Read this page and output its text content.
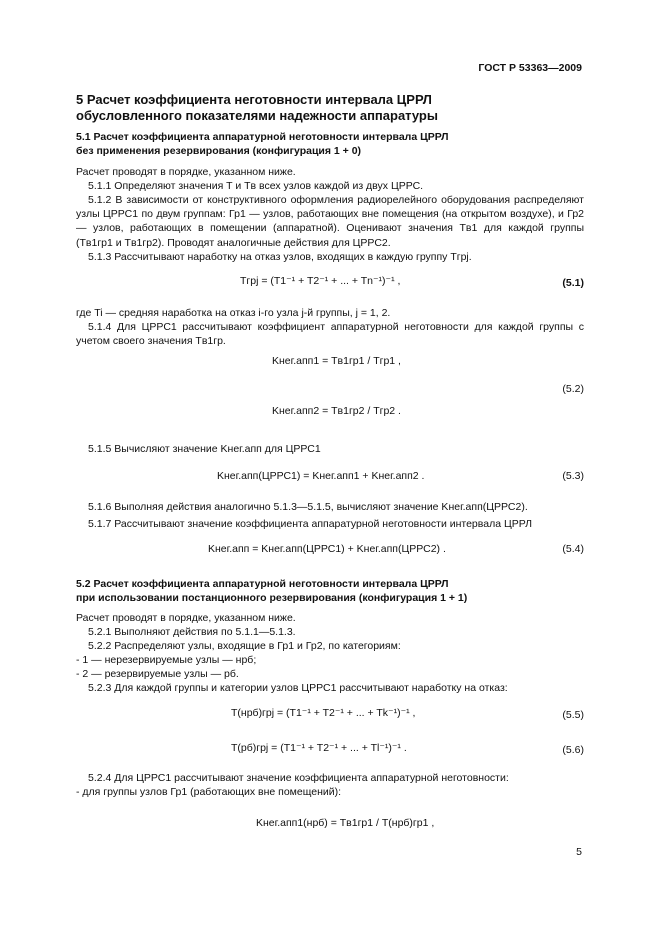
ГОСТ Р 53363—2009
5 Расчет коэффициента неготовности интервала ЦРРЛ
обусловленного показателями надежности аппаратуры
5.1 Расчет коэффициента аппаратурной неготовности интервала ЦРРЛ
без применения резервирования (конфигурация 1 + 0)
Расчет проводят в порядке, указанном ниже.
5.1.1 Определяют значения T и Tв всех узлов каждой из двух ЦРРС.
5.1.2 В зависимости от конструктивного оформления радиорелейного оборудования распределяют узлы ЦРРС1 по двум группам: Гр1 — узлов, работающих вне помещения (на открытом воздухе), и Гр2 — узлов, работающих в помещении (аппаратной). Оценивают значения Tв1 для каждой группы (Tв1гр1 и Tв1гр2). Проводят аналогичные действия для ЦРРС2.
5.1.3 Рассчитывают наработку на отказ узлов, входящих в каждую группу Tгрj.
Tгрj = (T1⁻¹ + T2⁻¹ + ... + Tn⁻¹)⁻¹ ,	(5.1)
где Ti — средняя наработка на отказ i-го узла j-й группы, j = 1, 2.
5.1.4 Для ЦРРС1 рассчитывают коэффициент аппаратурной неготовности для каждой группы с учетом своего значения Tв1гр.
Kнег.апп1 = Tв1гр1 / Tгр1 ,
Kнег.апп2 = Tв1гр2 / Tгр2 .
(5.2)
5.1.5 Вычисляют значение Kнег.апп для ЦРРС1
Kнег.апп(ЦРРС1) = Kнег.апп1 + Kнег.апп2 .	(5.3)
5.1.6 Выполняя действия аналогично 5.1.3—5.1.5, вычисляют значение Kнег.апп(ЦРРС2).
5.1.7 Рассчитывают значение коэффициента аппаратурной неготовности интервала ЦРРЛ
Kнег.апп = Kнег.апп(ЦРРС1) + Kнег.апп(ЦРРС2) .	(5.4)
5.2 Расчет коэффициента аппаратурной неготовности интервала ЦРРЛ
при использовании постанционного резервирования (конфигурация 1 + 1)
Расчет проводят в порядке, указанном ниже.
5.2.1 Выполняют действия по 5.1.1—5.1.3.
5.2.2 Распределяют узлы, входящие в Гр1 и Гр2, по категориям:
- 1 — нерезервируемые узлы — нрб;
- 2 — резервируемые узлы — рб.
5.2.3 Для каждой группы и категории узлов ЦРРС1 рассчитывают наработку на отказ:
T(нрб)грj = (T1⁻¹ + T2⁻¹ + ... + Tk⁻¹)⁻¹ ,	(5.5)
T(рб)грj = (T1⁻¹ + T2⁻¹ + ... + Tl⁻¹)⁻¹ .	(5.6)
5.2.4 Для ЦРРС1 рассчитывают значение коэффициента аппаратурной неготовности:
- для группы узлов Гр1 (работающих вне помещений):
Kнег.апп1(нрб) = Tв1гр1 / T(нрб)гр1 ,
5
